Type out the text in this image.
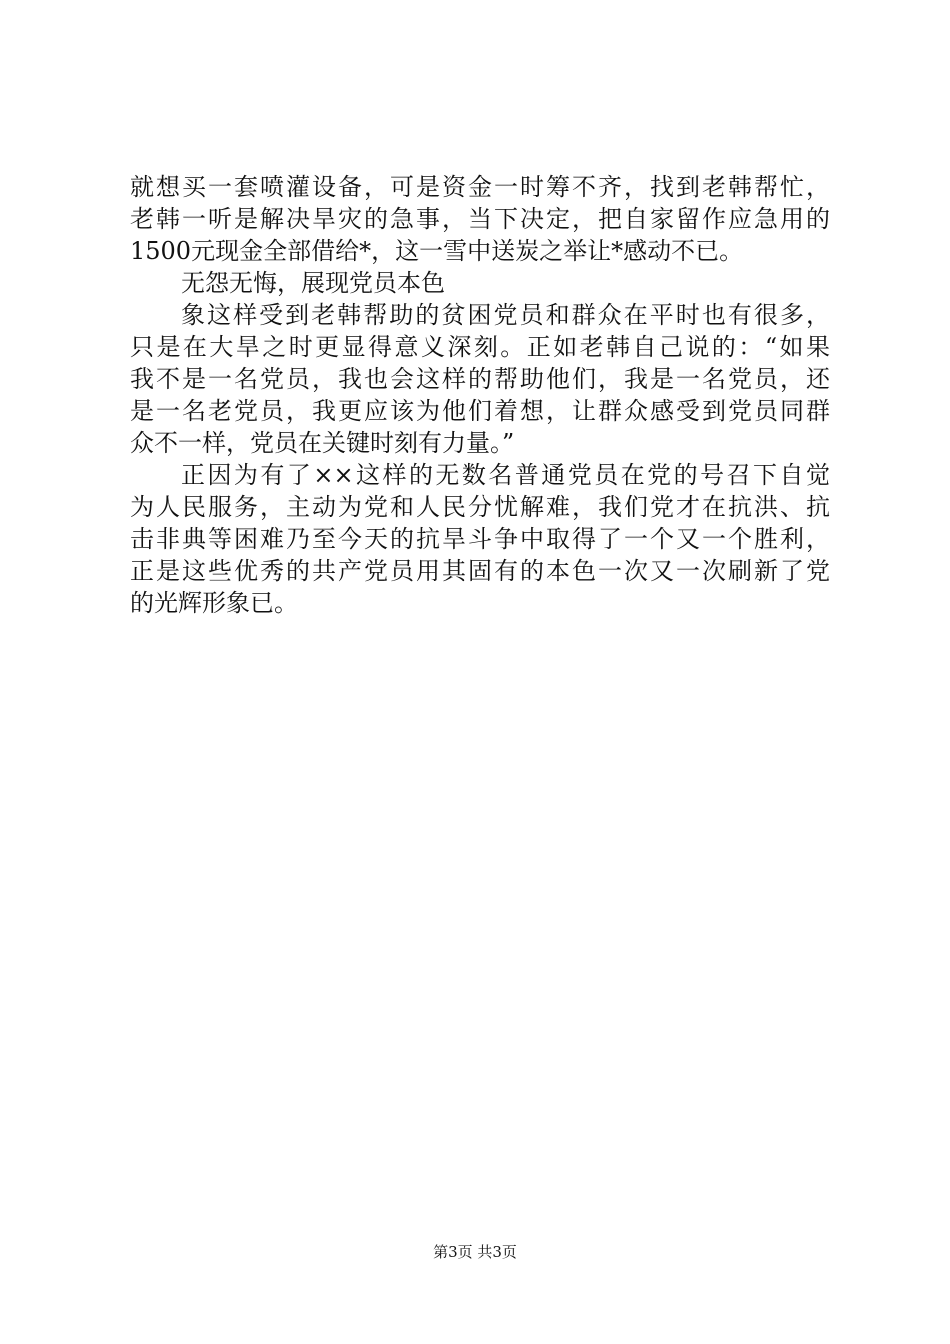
就想买一套喷灌设备，可是资金一时筹不齐，找到老韩帮忙，
老韩一听是解决旱灾的急事，当下决定，把自家留作应急用的
1500元现金全部借给*，这一雪中送炭之举让*感动不已。
无怨无悔，展现党员本色
象这样受到老韩帮助的贫困党员和群众在平时也有很多，
只是在大旱之时更显得意义深刻。正如老韩自己说的：“如果
我不是一名党员，我也会这样的帮助他们，我是一名党员，还
是一名老党员，我更应该为他们着想，让群众感受到党员同群
众不一样，党员在关键时刻有力量。”
正因为有了××这样的无数名普通党员在党的号召下自觉
为人民服务，主动为党和人民分忧解难，我们党才在抗洪、抗
击非典等困难乃至今天的抗旱斗争中取得了一个又一个胜利，
正是这些优秀的共产党员用其固有的本色一次又一次刷新了党
的光辉形象已。
第3页 共3页
